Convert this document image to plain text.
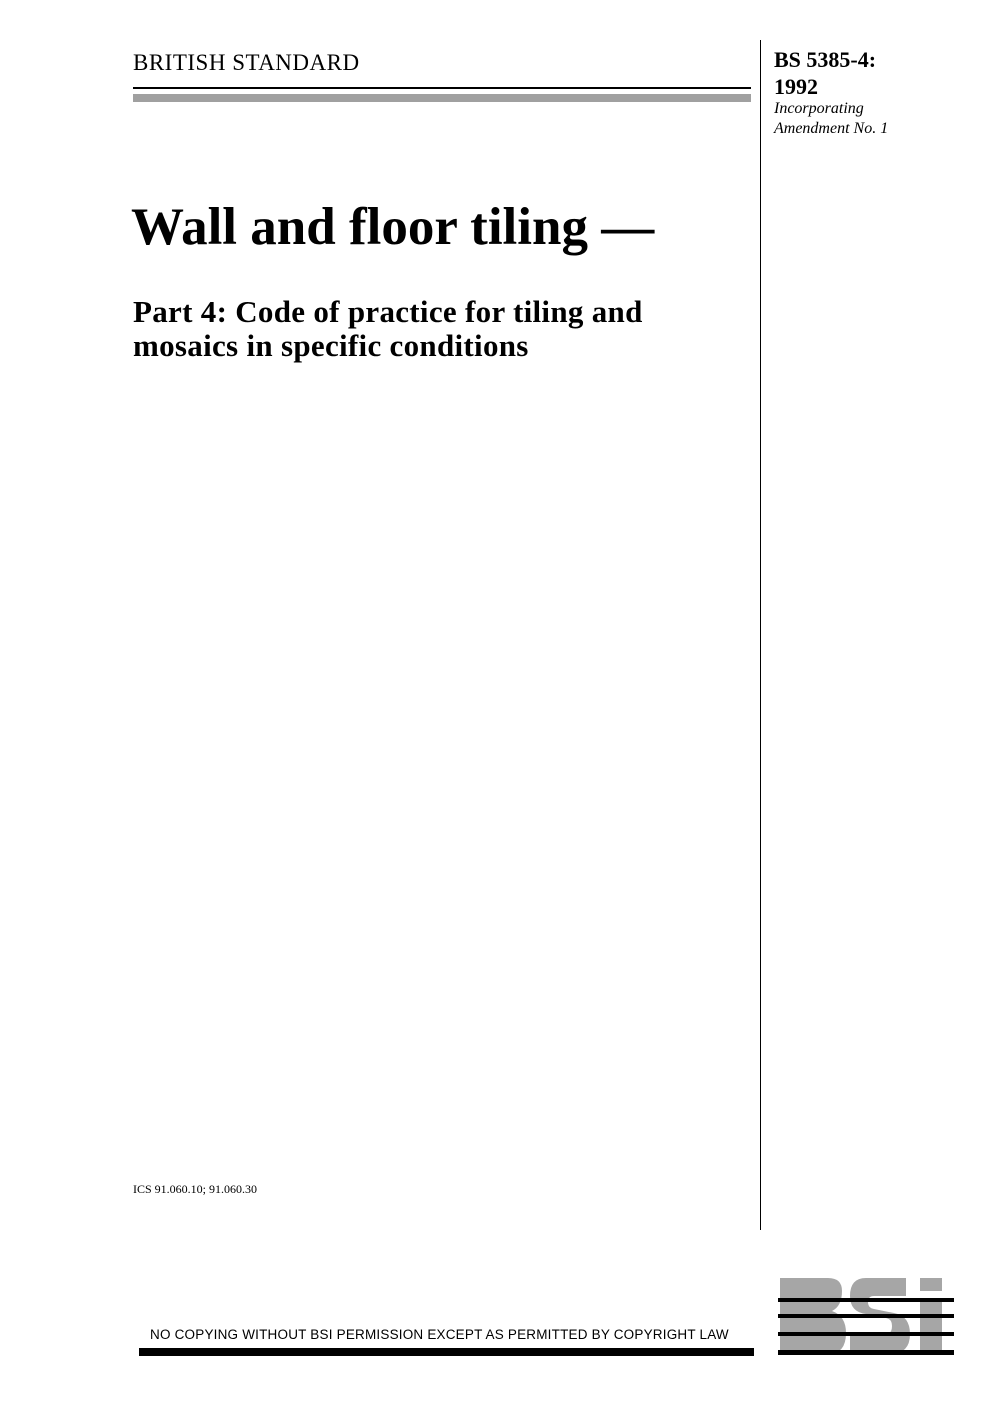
BRITISH STANDARD	BS 5385-4:
1992
Incorporating
Amendment No. 1
Wall and floor tiling —
Part 4: Code of practice for tiling and mosaics in specific conditions
ICS 91.060.10; 91.060.30
NO COPYING WITHOUT BSI PERMISSION EXCEPT AS PERMITTED BY COPYRIGHT LAW
